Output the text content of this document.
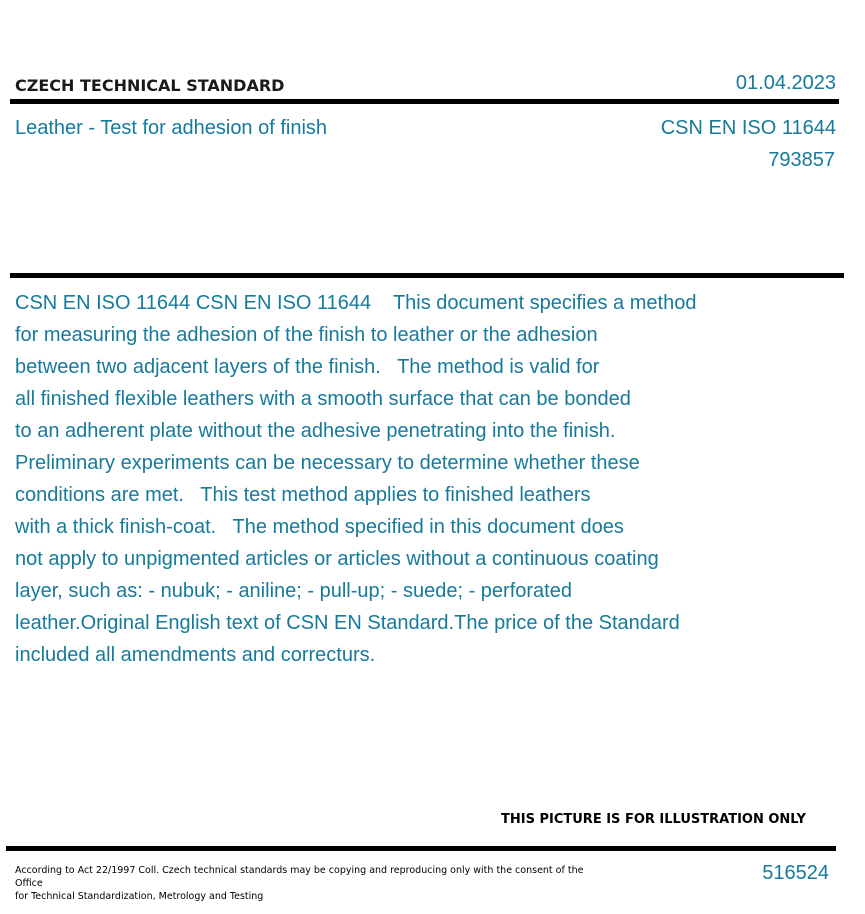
CZECH TECHNICAL STANDARD	01.04.2023
Leather - Test for adhesion of finish	CSN EN ISO 11644
793857
CSN EN ISO 11644 CSN EN ISO 11644    This document specifies a method
for measuring the adhesion of the finish to leather or the adhesion
between two adjacent layers of the finish.   The method is valid for
all finished flexible leathers with a smooth surface that can be bonded
to an adherent plate without the adhesive penetrating into the finish.
Preliminary experiments can be necessary to determine whether these
conditions are met.   This test method applies to finished leathers
with a thick finish-coat.   The method specified in this document does
not apply to unpigmented articles or articles without a continuous coating
layer, such as: - nubuk; - aniline; - pull-up; - suede; - perforated
leather.Original English text of CSN EN Standard.The price of the Standard
included all amendments and correcturs.
THIS PICTURE IS FOR ILLUSTRATION ONLY
According to Act 22/1997 Coll. Czech technical standards may be copying and reproducing only with the consent of the Office
for Technical Standardization, Metrology and Testing
516524
